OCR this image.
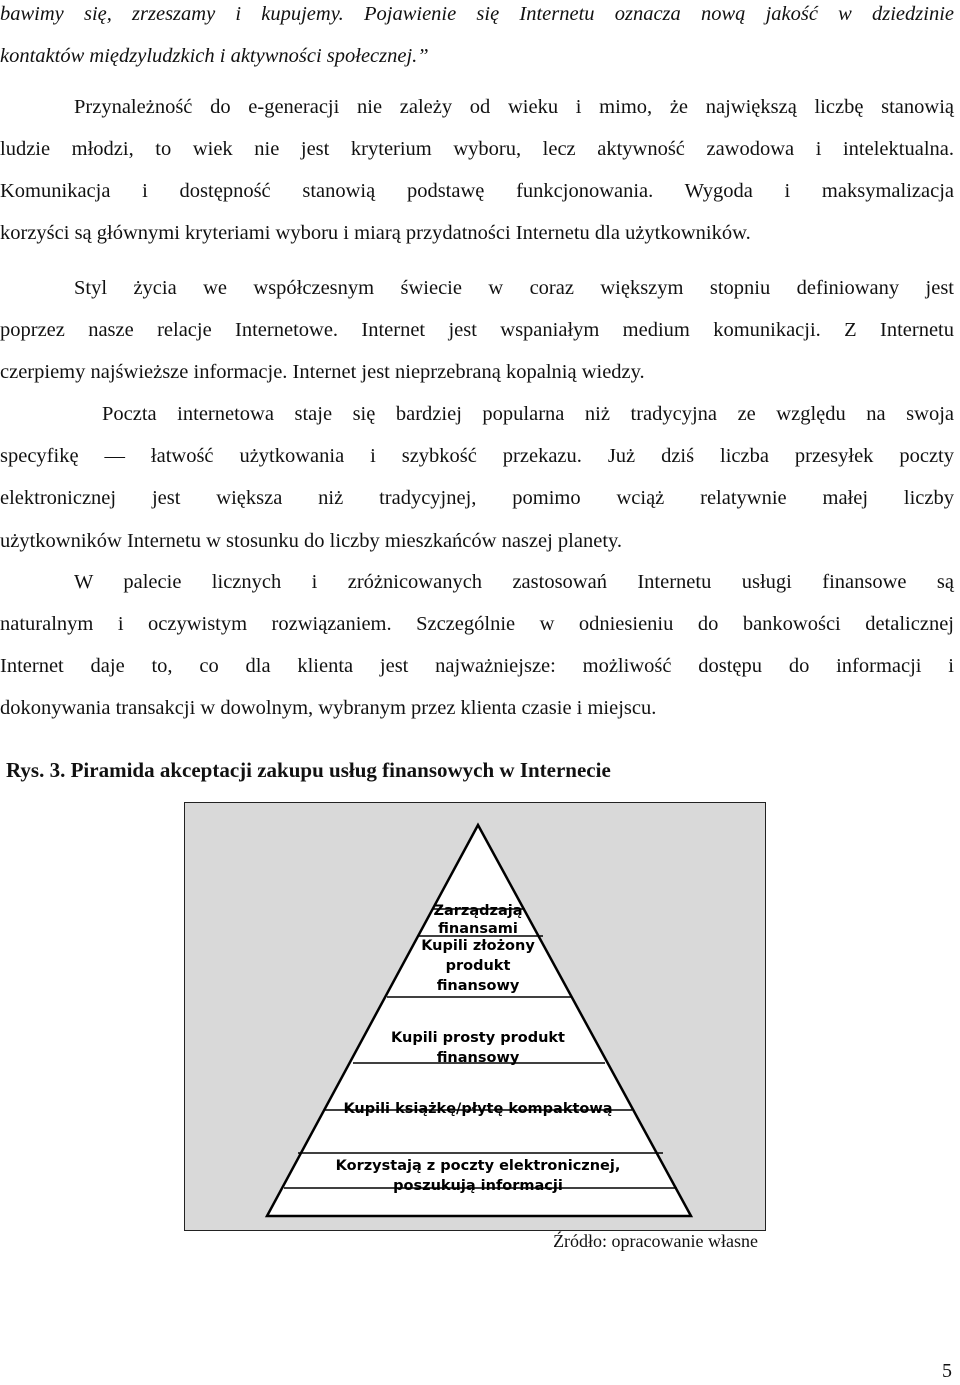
bawimy się, zrzeszamy i kupujemy. Pojawienie się Internetu oznacza nową jakość w dziedzinie
kontaktów międzyludzkich i aktywności społecznej.”
Przynależność do e-generacji nie zależy od wieku i mimo, że największą liczbę stanowią
ludzie młodzi, to wiek nie jest kryterium wyboru, lecz aktywność zawodowa i intelektualna.
Komunikacja i dostępność stanowią podstawę funkcjonowania. Wygoda i maksymalizacja
korzyści są głównymi kryteriami wyboru i miarą przydatności Internetu dla użytkowników.
Styl życia we współczesnym świecie w coraz większym stopniu definiowany jest
poprzez nasze relacje Internetowe. Internet jest wspaniałym medium komunikacji. Z Internetu
czerpiemy najświeższe informacje. Internet jest nieprzebraną kopalnią wiedzy.
Poczta internetowa staje się bardziej popularna niż tradycyjna ze względu na swoja
specyfikę — łatwość użytkowania i szybkość przekazu. Już dziś liczba przesyłek poczty
elektronicznej jest większa niż tradycyjnej, pomimo wciąż relatywnie małej liczby
użytkowników Internetu w stosunku do liczby mieszkańców naszej planety.
W palecie licznych i zróżnicowanych zastosowań Internetu usługi finansowe są
naturalnym i oczywistym rozwiązaniem. Szczególnie w odniesieniu do bankowości detalicznej
Internet daje to, co dla klienta jest najważniejsze: możliwość dostępu do informacji i
dokonywania transakcji w dowolnym, wybranym przez klienta czasie i miejscu.
Rys. 3. Piramida akceptacji zakupu usług finansowych w Internecie
Zarządzają
finansami
Kupili złożony
produkt
finansowy
Kupili prosty produkt
finansowy
Kupili książkę/płytę kompaktową
Korzystają z poczty elektronicznej,
poszukują informacji
Źródło: opracowanie własne
5
